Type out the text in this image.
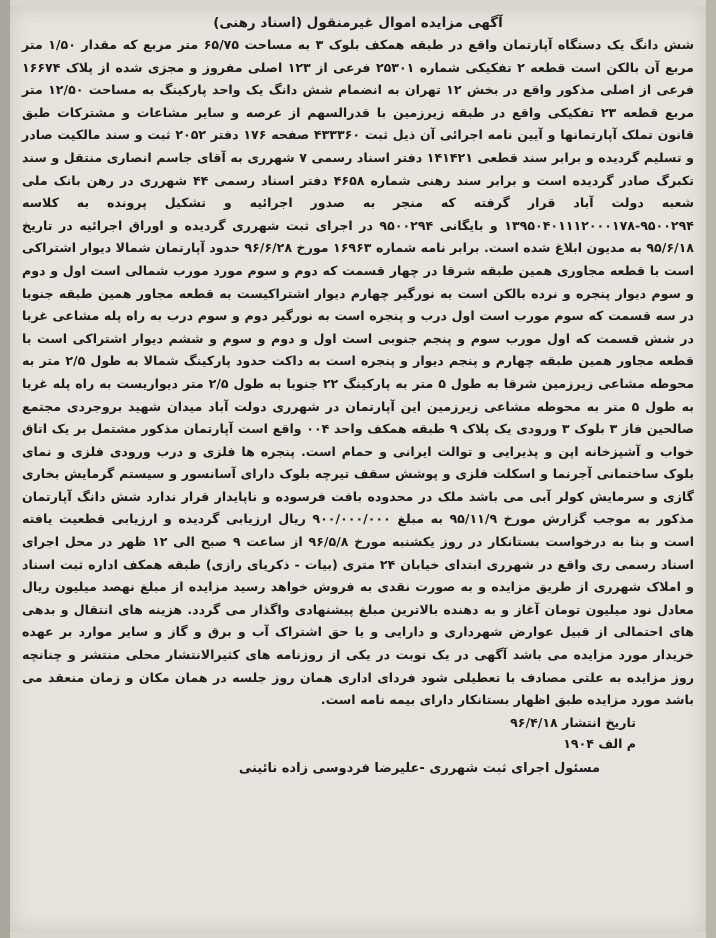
آگهی مزایده اموال غیرمنقول (اسناد رهنی)

شش دانگ یک دستگاه آپارتمان واقع در طبقه همکف بلوک ۳ به مساحت ۶۵/۷۵ متر مربع که مقدار ۱/۵۰ متر مربع آن بالکن است قطعه ۲ تفکیکی شماره ۲۵۳۰۱ فرعی از ۱۲۳ اصلی مفروز و مجزی شده از پلاک ۱۶۶۷۴ فرعی از اصلی مذکور واقع در بخش ۱۲ تهران به انضمام شش دانگ یک واحد پارکینگ به مساحت ۱۲/۵۰ متر مربع قطعه ۲۳ تفکیکی واقع در طبقه زیرزمین با قدرالسهم از عرصه و سایر مشاعات و مشترکات طبق قانون تملک آپارتمانها و آیین نامه اجرائی آن ذیل ثبت ۴۳۳۳۶۰ صفحه ۱۷۶ دفتر ۲۰۵۲ ثبت و سند مالکیت صادر و تسلیم گردیده و برابر سند قطعی ۱۴۱۴۲۱ دفتر اسناد رسمی ۷ شهرری به آقای جاسم انصاری منتقل و سند تکبرگ صادر گردیده است و برابر سند رهنی شماره ۴۶۵۸ دفتر اسناد رسمی ۴۴ شهرری در رهن بانک ملی شعبه دولت آباد قرار گرفته که منجر به صدور اجرائیه و تشکیل پرونده به کلاسه ۹۵۰۰۲۹۴-۱۳۹۵۰۴۰۱۱۱۲۰۰۰۱۷۸ و بایگانی ۹۵۰۰۲۹۴ در اجرای ثبت شهرری گردیده و اوراق اجرائیه در تاریخ ۹۵/۶/۱۸ به مدیون ابلاغ شده است. برابر نامه شماره ۱۶۹۶۳ مورخ ۹۶/۶/۲۸ حدود آپارتمان شمالا دیوار اشتراکی است با قطعه مجاوری همین طبقه شرقا در چهار قسمت که دوم و سوم مورد مورب شمالی است اول و دوم و سوم دیوار پنجره و نرده بالکن است به نورگیر چهارم دیوار اشتراکیست به قطعه مجاور همین طبقه جنوبا در سه قسمت که سوم مورب است اول درب و پنجره است به نورگیر دوم و سوم درب به راه پله مشاعی غربا در شش قسمت که اول مورب سوم و پنجم جنوبی است اول و دوم و سوم و ششم دیوار اشتراکی است با قطعه مجاور همین طبقه چهارم و پنجم دیوار و پنجره است به داکت حدود پارکینگ شمالا به طول ۲/۵ متر به محوطه مشاعی زیرزمین شرقا به طول ۵ متر به پارکینگ ۲۲ جنوبا به طول ۲/۵ متر دیواریست به راه پله غربا به طول ۵ متر به محوطه مشاعی زیرزمین این آپارتمان در شهرری دولت آباد میدان شهید بروجردی مجتمع صالحین فاز ۳ بلوک ۳ ورودی یک پلاک ۹ طبقه همکف واحد ۰۰۴ واقع است آپارتمان مذکور مشتمل بر یک اتاق خواب و آشپزخانه اپن و پذیرایی و توالت ایرانی و حمام است. پنجره ها فلزی و درب ورودی فلزی و نمای بلوک ساختمانی آجرنما و اسکلت فلزی و پوشش سقف تیرچه بلوک دارای آسانسور و سیستم گرمایش بخاری گازی و سرمایش کولر آبی می باشد ملک در محدوده بافت فرسوده و ناپایدار قرار ندارد شش دانگ آپارتمان مذکور به موجب گزارش مورخ ۹۵/۱۱/۹ به مبلغ ۹۰۰/۰۰۰/۰۰۰ ریال ارزیابی گردیده و ارزیابی قطعیت یافته است و بنا به درخواست بستانکار در روز یکشنبه مورخ ۹۶/۵/۸ از ساعت ۹ صبح الی ۱۲ ظهر در محل اجرای اسناد رسمی ری واقع در شهرری ابتدای خیابان ۲۴ متری (بیات - ذکریای رازی) طبقه همکف اداره ثبت اسناد و املاک شهرری از طریق مزایده و به صورت نقدی به فروش خواهد رسید مزایده از مبلغ نهصد میلیون ریال معادل نود میلیون تومان آغاز و به دهنده بالاترین مبلغ پیشنهادی واگذار می گردد. هزینه های انتقال و بدهی های احتمالی از قبیل عوارض شهرداری و دارایی و یا حق اشتراک آب و برق و گاز و سایر موارد بر عهده خریدار مورد مزایده می باشد آگهی در یک نوبت در یکی از روزنامه های کثیرالانتشار محلی منتشر و چنانچه روز مزایده به علتی مصادف با تعطیلی شود فردای اداری همان روز جلسه در همان مکان و زمان منعقد می باشد مورد مزایده طبق اظهار بستانکار دارای بیمه نامه است.

تاریخ انتشار ۹۶/۴/۱۸

م الف ۱۹۰۴

مسئول اجرای ثبت شهرری -علیرضا فردوسی زاده نائینی
